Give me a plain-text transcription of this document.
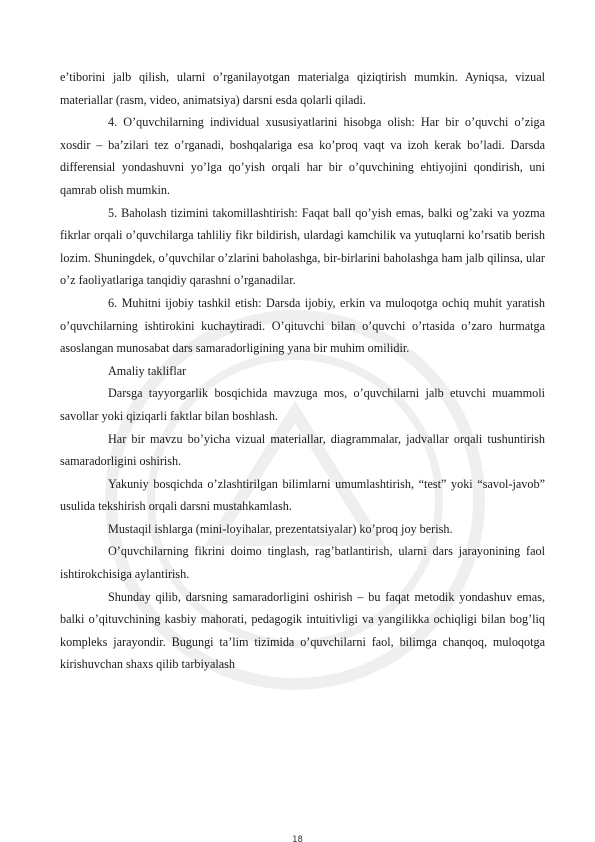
e’tiborini jalb qilish, ularni o’rganilayotgan materialga qiziqtirish mumkin. Ayniqsa, vizual materiallar (rasm, video, animatsiya) darsni esda qolarli qiladi.

4. O’quvchilarning individual xususiyatlarini hisobga olish: Har bir o’quvchi o’ziga xosdir – ba’zilari tez o’rganadi, boshqalariga esa ko’proq vaqt va izoh kerak bo’ladi. Darsda differensial yondashuvni yo’lga qo’yish orqali har bir o’quvchining ehtiyojini qondirish, uni qamrab olish mumkin.

5. Baholash tizimini takomillashtirish: Faqat ball qo’yish emas, balki og’zaki va yozma fikrlar orqali o’quvchilarga tahliliy fikr bildirish, ulardagi kamchilik va yutuqlarni ko’rsatib berish lozim. Shuningdek, o’quvchilar o’zlarini baholashga, bir-birlarini baholashga ham jalb qilinsa, ular o’z faoliyatlariga tanqidiy qarashni o’rganadilar.

6. Muhitni ijobiy tashkil etish: Darsda ijobiy, erkin va muloqotga ochiq muhit yaratish o’quvchilarning ishtirokini kuchaytiradi. O’qituvchi bilan o’quvchi o’rtasida o’zaro hurmatga asoslangan munosabat dars samaradorligining yana bir muhim omilidir.

Amaliy takliflar

Darsga tayyorgarlik bosqichida mavzuga mos, o’quvchilarni jalb etuvchi muammoli savollar yoki qiziqarli faktlar bilan boshlash.

Har bir mavzu bo’yicha vizual materiallar, diagrammalar, jadvallar orqali tushuntirish samaradorligini oshirish.

Yakuniy bosqichda o’zlashtirilgan bilimlarni umumlashtirish, “test” yoki “savol-javob” usulida tekshirish orqali darsni mustahkamlash.

Mustaqil ishlarga (mini-loyihalar, prezentatsiyalar) ko’proq joy berish.

O’quvchilarning fikrini doimo tinglash, rag’batlantirish, ularni dars jarayonining faol ishtirokchisiga aylantirish.

Shunday qilib, darsning samaradorligini oshirish – bu faqat metodik yondashuv emas, balki o’qituvchining kasbiy mahorati, pedagogik intuitivligi va yangilikka ochiqligi bilan bog’liq kompleks jarayondir. Bugungi ta’lim tizimida o’quvchilarni faol, bilimga chanqoq, muloqotga kirishuvchan shaxs qilib tarbiyalash

18
